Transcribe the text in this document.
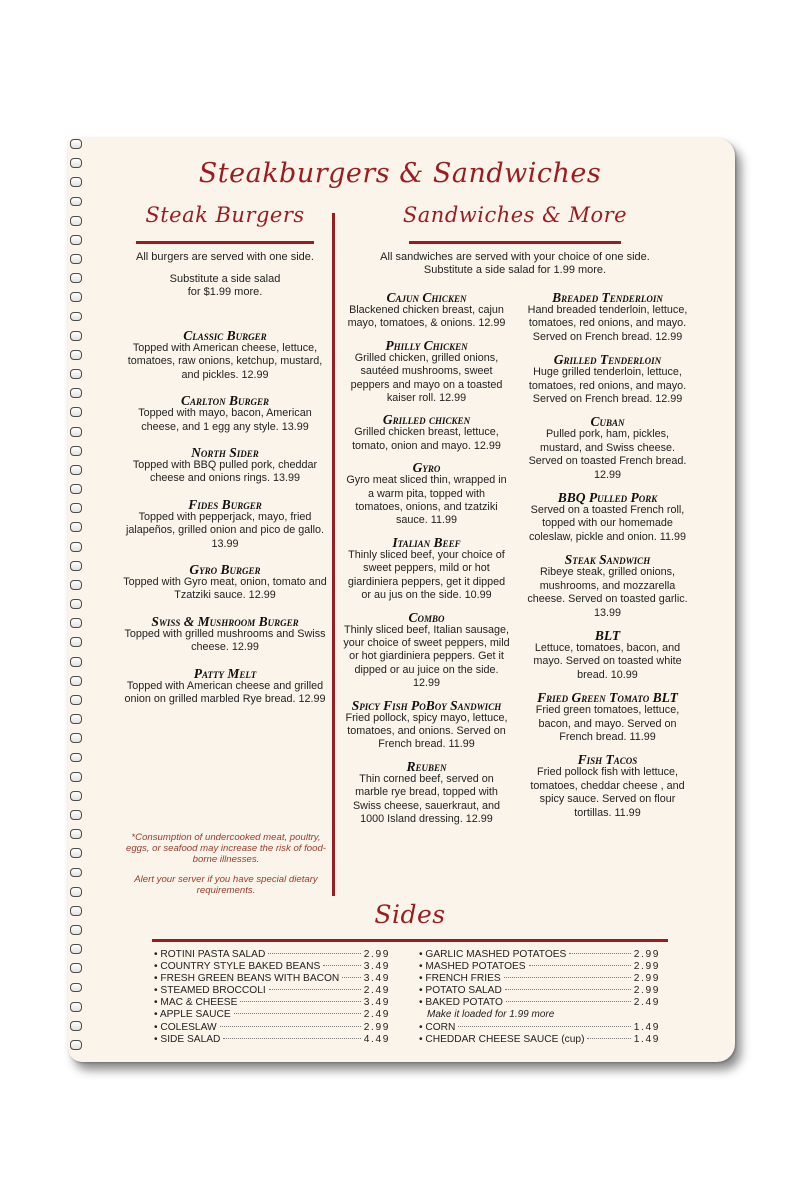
Steakburgers & Sandwiches
Steak Burgers
All burgers are served with one side.
Substitute a side salad
for $1.99 more.
Classic Burger
Topped with American cheese, lettuce, tomatoes, raw onions, ketchup, mustard, and pickles. 12.99
Carlton Burger
Topped with mayo, bacon, American cheese, and 1 egg any style. 13.99
North Sider
Topped with BBQ pulled pork, cheddar cheese and onions rings. 13.99
Fides Burger
Topped with pepperjack, mayo, fried jalapeños, grilled onion and pico de gallo. 13.99
Gyro Burger
Topped with Gyro meat, onion, tomato and Tzatziki sauce. 12.99
Swiss & Mushroom Burger
Topped with grilled mushrooms and Swiss cheese. 12.99
Patty Melt
Topped with American cheese and grilled onion on grilled marbled Rye bread. 12.99
*Consumption of undercooked meat, poultry, eggs, or seafood may increase the risk of food-borne illnesses.
Alert your server if you have special dietary requirements.
Sandwiches & More
All sandwiches are served with your choice of one side.
Substitute a side salad for 1.99 more.
Cajun Chicken
Blackened chicken breast, cajun mayo, tomatoes, & onions. 12.99
Philly Chicken
Grilled chicken, grilled onions, sautéed mushrooms, sweet peppers and mayo on a toasted kaiser roll. 12.99
Grilled chicken
Grilled chicken breast, lettuce, tomato, onion and mayo. 12.99
Gyro
Gyro meat sliced thin, wrapped in a warm pita, topped with tomatoes, onions, and tzatziki sauce. 11.99
Italian Beef
Thinly sliced beef, your choice of sweet peppers, mild or hot giardiniera peppers, get it dipped or au jus on the side. 10.99
Combo
Thinly sliced beef, Italian sausage, your choice of sweet peppers, mild or hot giardiniera peppers. Get it dipped or au juice on the side. 12.99
Spicy Fish PoBoy Sandwich
Fried pollock, spicy mayo, lettuce, tomatoes, and onions. Served on French bread. 11.99
Reuben
Thin corned beef, served on marble rye bread, topped with Swiss cheese, sauerkraut, and 1000 Island dressing. 12.99
Breaded Tenderloin
Hand breaded tenderloin, lettuce, tomatoes, red onions, and mayo. Served on French bread. 12.99
Grilled Tenderloin
Huge grilled tenderloin, lettuce, tomatoes, red onions, and mayo. Served on French bread. 12.99
Cuban
Pulled pork, ham, pickles, mustard, and Swiss cheese. Served on toasted French bread. 12.99
BBQ Pulled Pork
Served on a toasted French roll, topped with our homemade coleslaw, pickle and onion. 11.99
Steak Sandwich
Ribeye steak, grilled onions, mushrooms, and mozzarella cheese. Served on toasted garlic. 13.99
BLT
Lettuce, tomatoes, bacon, and mayo. Served on toasted white bread. 10.99
Fried Green Tomato BLT
Fried green tomatoes, lettuce, bacon, and mayo. Served on French bread. 11.99
Fish Tacos
Fried pollock fish with lettuce, tomatoes, cheddar cheese , and spicy sauce. Served on flour tortillas. 11.99
Sides
• ROTINI PASTA SALAD	2.99
• COUNTRY STYLE BAKED BEANS	3.49
• FRESH GREEN BEANS WITH BACON 3.49
• STEAMED BROCCOLI	2.49
• MAC & CHEESE	3.49
• APPLE SAUCE	2.49
• COLESLAW	2.99
• SIDE SALAD	4.49
• GARLIC MASHED POTATOES	2.99
• MASHED POTATOES	2.99
• FRENCH FRIES	2.99
• POTATO SALAD	2.99
• BAKED POTATO	2.49
Make it loaded for 1.99 more
• CORN	1.49
• CHEDDAR CHEESE SAUCE (cup)	1.49
